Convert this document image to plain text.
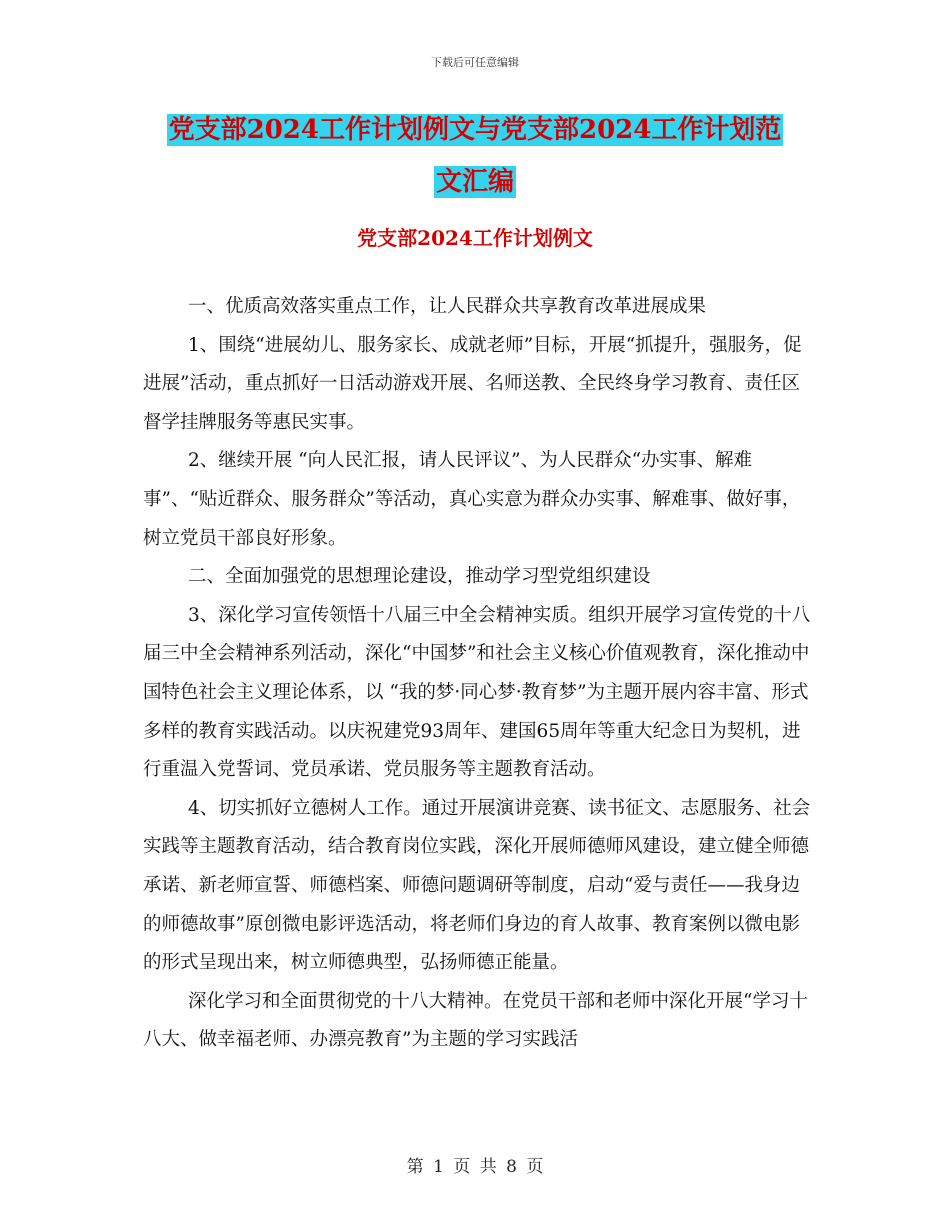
下载后可任意编辑
党支部2024工作计划例文与党支部2024工作计划范
文汇编
党支部2024工作计划例文

一、优质高效落实重点工作，让人民群众共享教育改革进展成果

1、围绕“进展幼儿、服务家长、成就老师”目标，开展“抓提升，强服务，促进展”活动，重点抓好一日活动游戏开展、名师送教、全民终身学习教育、责任区督学挂牌服务等惠民实事。

2、继续开展 “向人民汇报，请人民评议”、为人民群众“办实事、解难事”、“贴近群众、服务群众”等活动，真心实意为群众办实事、解难事、做好事，树立党员干部良好形象。

二、全面加强党的思想理论建设，推动学习型党组织建设

3、深化学习宣传领悟十八届三中全会精神实质。组织开展学习宣传党的十八届三中全会精神系列活动，深化“中国梦”和社会主义核心价值观教育，深化推动中国特色社会主义理论体系，以 “我的梦·同心梦·教育梦”为主题开展内容丰富、形式多样的教育实践活动。以庆祝建党93周年、建国65周年等重大纪念日为契机，进行重温入党誓词、党员承诺、党员服务等主题教育活动。

4、切实抓好立德树人工作。通过开展演讲竞赛、读书征文、志愿服务、社会实践等主题教育活动，结合教育岗位实践，深化开展师德师风建设，建立健全师德承诺、新老师宣誓、师德档案、师德问题调研等制度，启动“爱与责任——我身边的师德故事”原创微电影评选活动，将老师们身边的育人故事、教育案例以微电影的形式呈现出来，树立师德典型，弘扬师德正能量。

深化学习和全面贯彻党的十八大精神。在党员干部和老师中深化开展“学习十八大、做幸福老师、办漂亮教育”为主题的学习实践活

第 1 页 共 8 页
